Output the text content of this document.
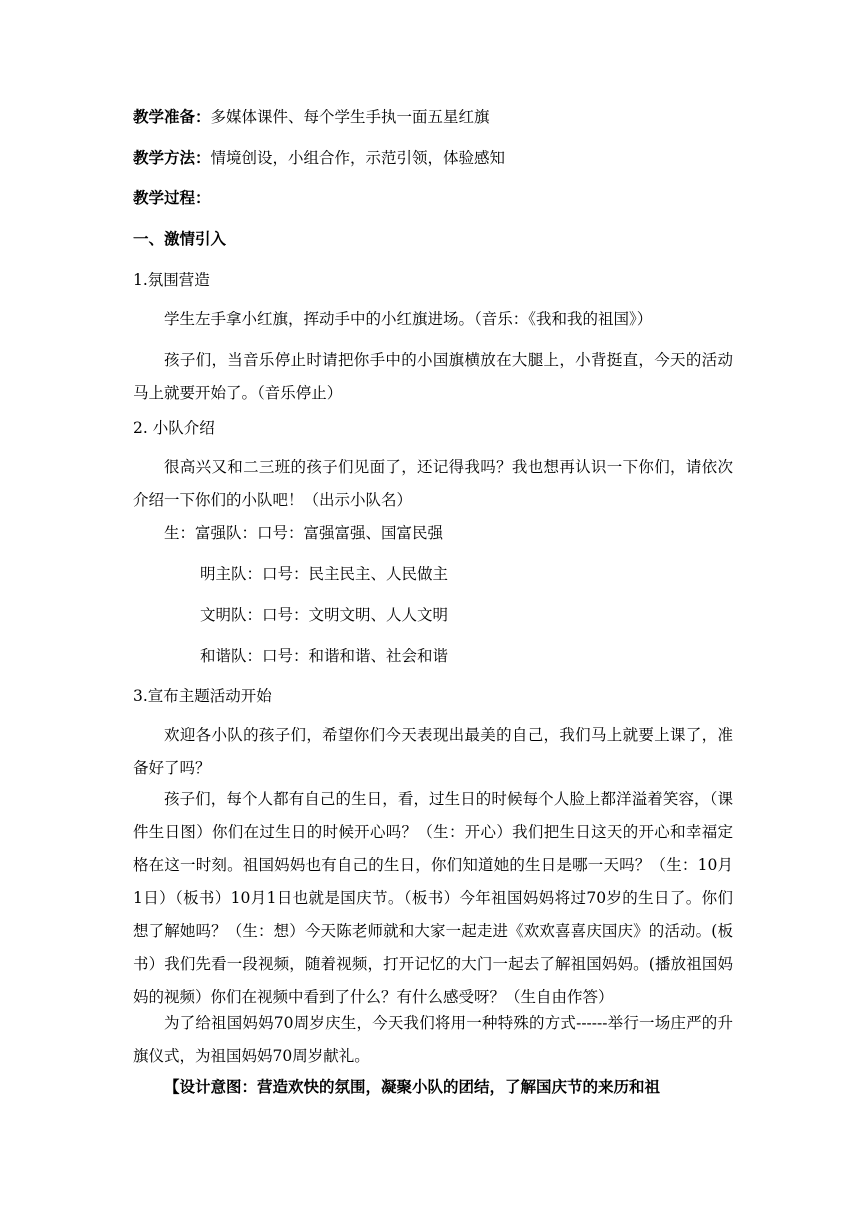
教学准备：多媒体课件、每个学生手执一面五星红旗
教学方法：情境创设，小组合作，示范引领，体验感知
教学过程：
一、激情引入
1.氛围营造
学生左手拿小红旗，挥动手中的小红旗进场。（音乐：《我和我的祖国》）
孩子们，当音乐停止时请把你手中的小国旗横放在大腿上，小背挺直，今天的活动马上就要开始了。（音乐停止）
2. 小队介绍
很高兴又和二三班的孩子们见面了，还记得我吗？我也想再认识一下你们，请依次介绍一下你们的小队吧！（出示小队名）
生：富强队：口号：富强富强、国富民强
明主队：口号：民主民主、人民做主
文明队：口号：文明文明、人人文明
和谐队：口号：和谐和谐、社会和谐
3.宣布主题活动开始
欢迎各小队的孩子们，希望你们今天表现出最美的自己，我们马上就要上课了，准备好了吗？
孩子们，每个人都有自己的生日，看，过生日的时候每个人脸上都洋溢着笑容，（课件生日图）你们在过生日的时候开心吗？（生：开心）我们把生日这天的开心和幸福定格在这一时刻。祖国妈妈也有自己的生日，你们知道她的生日是哪一天吗？（生：10月1日）（板书）10月1日也就是国庆节。（板书）今年祖国妈妈将过70岁的生日了。你们想了解她吗？（生：想）今天陈老师就和大家一起走进《欢欢喜喜庆国庆》的活动。(板书）我们先看一段视频，随着视频，打开记忆的大门一起去了解祖国妈妈。(播放祖国妈妈的视频）你们在视频中看到了什么？有什么感受呀？（生自由作答）
为了给祖国妈妈70周岁庆生，今天我们将用一种特殊的方式------举行一场庄严的升旗仪式，为祖国妈妈70周岁献礼。
【设计意图：营造欢快的氛围，凝聚小队的团结，了解国庆节的来历和祖
